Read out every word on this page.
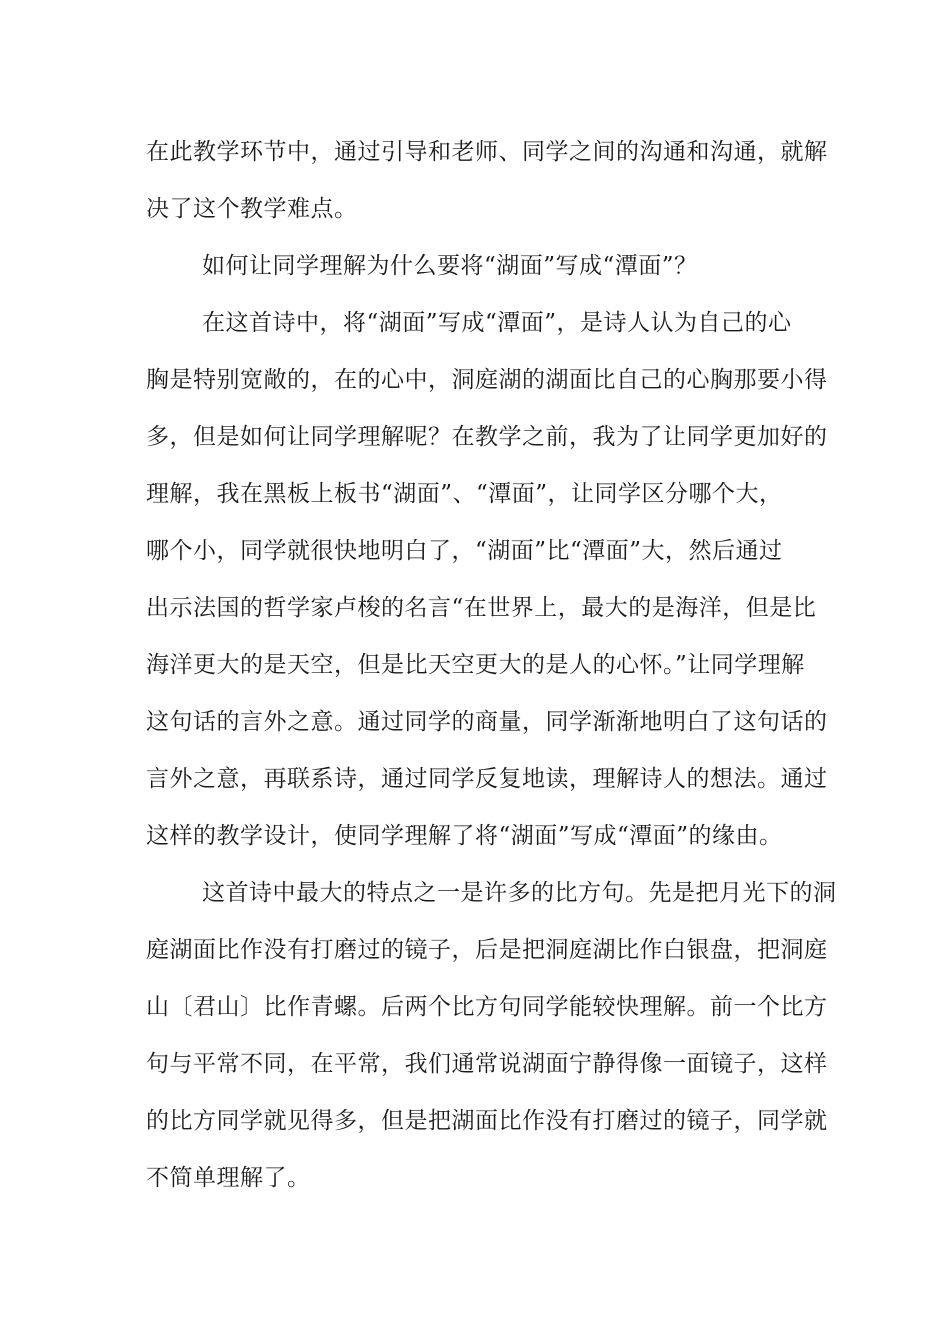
在此教学环节中，通过引导和老师、同学之间的沟通和沟通，就解
决了这个教学难点。
如何让同学理解为什么要将“湖面”写成“潭面”？
在这首诗中，将“湖面”写成“潭面”，是诗人认为自己的心
胸是特别宽敞的，在的心中，洞庭湖的湖面比自己的心胸那要小得
多，但是如何让同学理解呢？在教学之前，我为了让同学更加好的
理解，我在黑板上板书“湖面”、“潭面”，让同学区分哪个大，
哪个小，同学就很快地明白了，“湖面”比“潭面”大，然后通过
出示法国的哲学家卢梭的名言“在世界上，最大的是海洋，但是比
海洋更大的是天空，但是比天空更大的是人的心怀。”让同学理解
这句话的言外之意。通过同学的商量，同学渐渐地明白了这句话的
言外之意，再联系诗，通过同学反复地读，理解诗人的想法。通过
这样的教学设计，使同学理解了将“湖面”写成“潭面”的缘由。
这首诗中最大的特点之一是许多的比方句。先是把月光下的洞
庭湖面比作没有打磨过的镜子，后是把洞庭湖比作白银盘，把洞庭
山〔君山〕比作青螺。后两个比方句同学能较快理解。前一个比方
句与平常不同，在平常，我们通常说湖面宁静得像一面镜子，这样
的比方同学就见得多，但是把湖面比作没有打磨过的镜子，同学就
不简单理解了。
